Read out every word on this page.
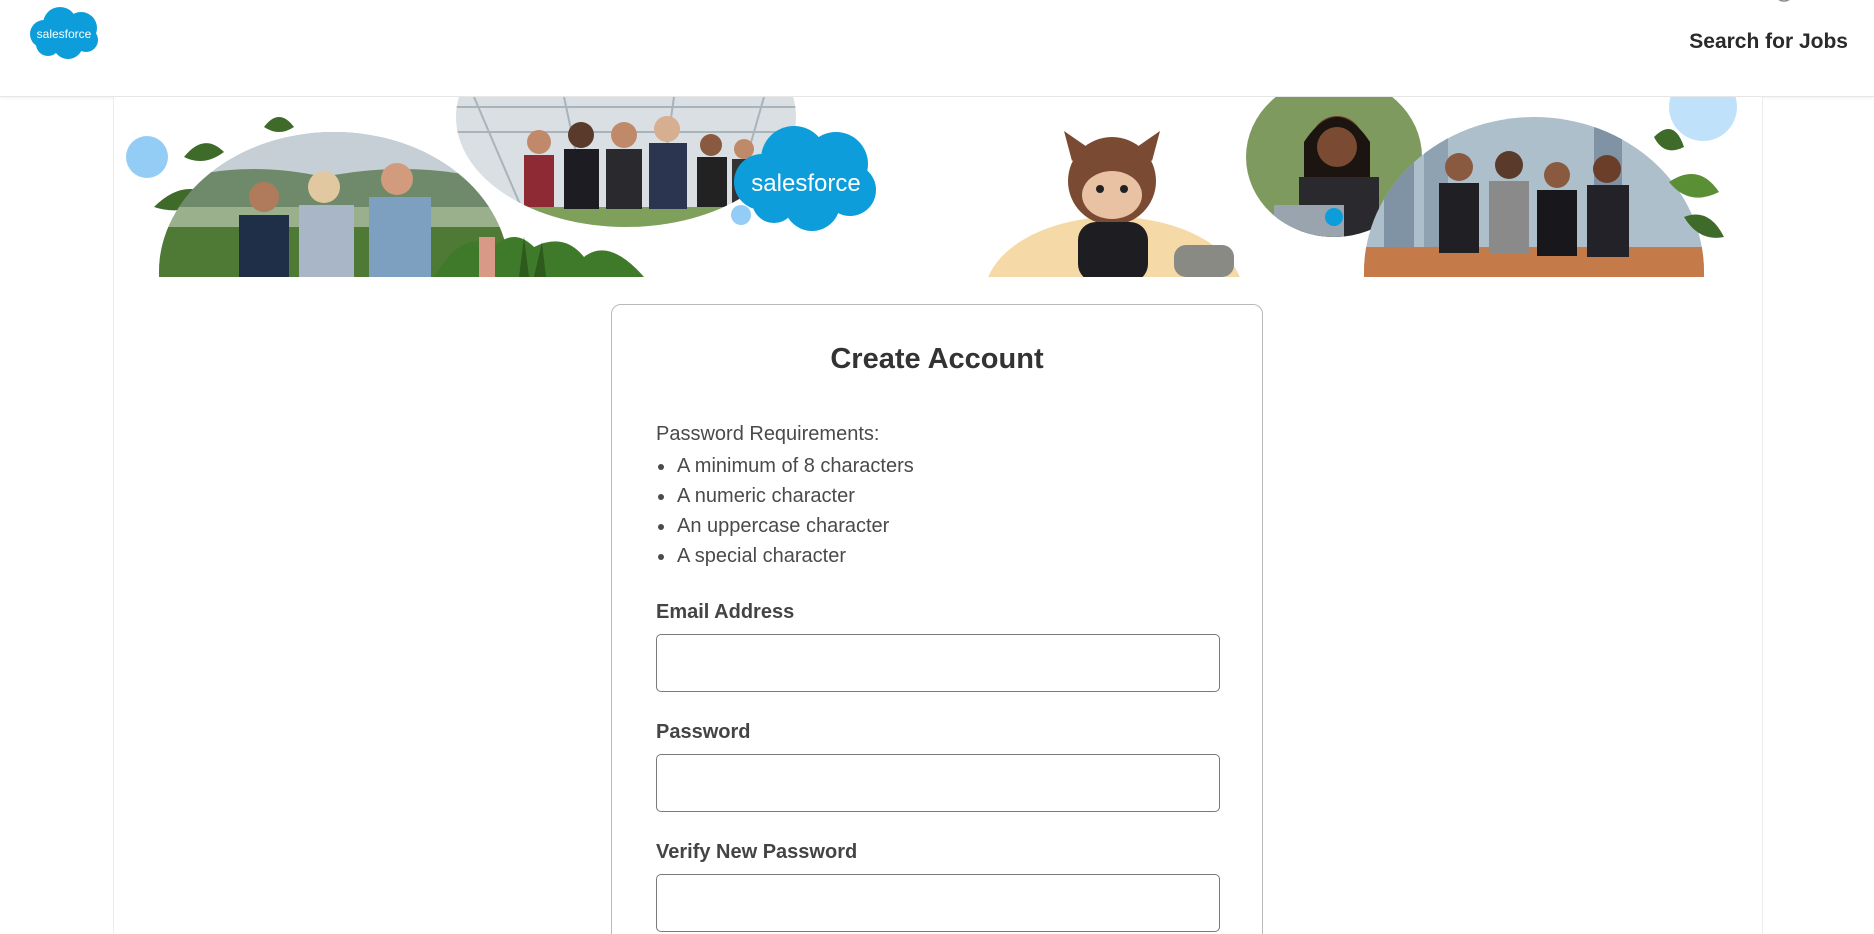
salesforce	Search for Jobs
salesforce
Create Account
Password Requirements:
A minimum of 8 characters
A numeric character
An uppercase character
A special character
Email Address
Password
Verify New Password
